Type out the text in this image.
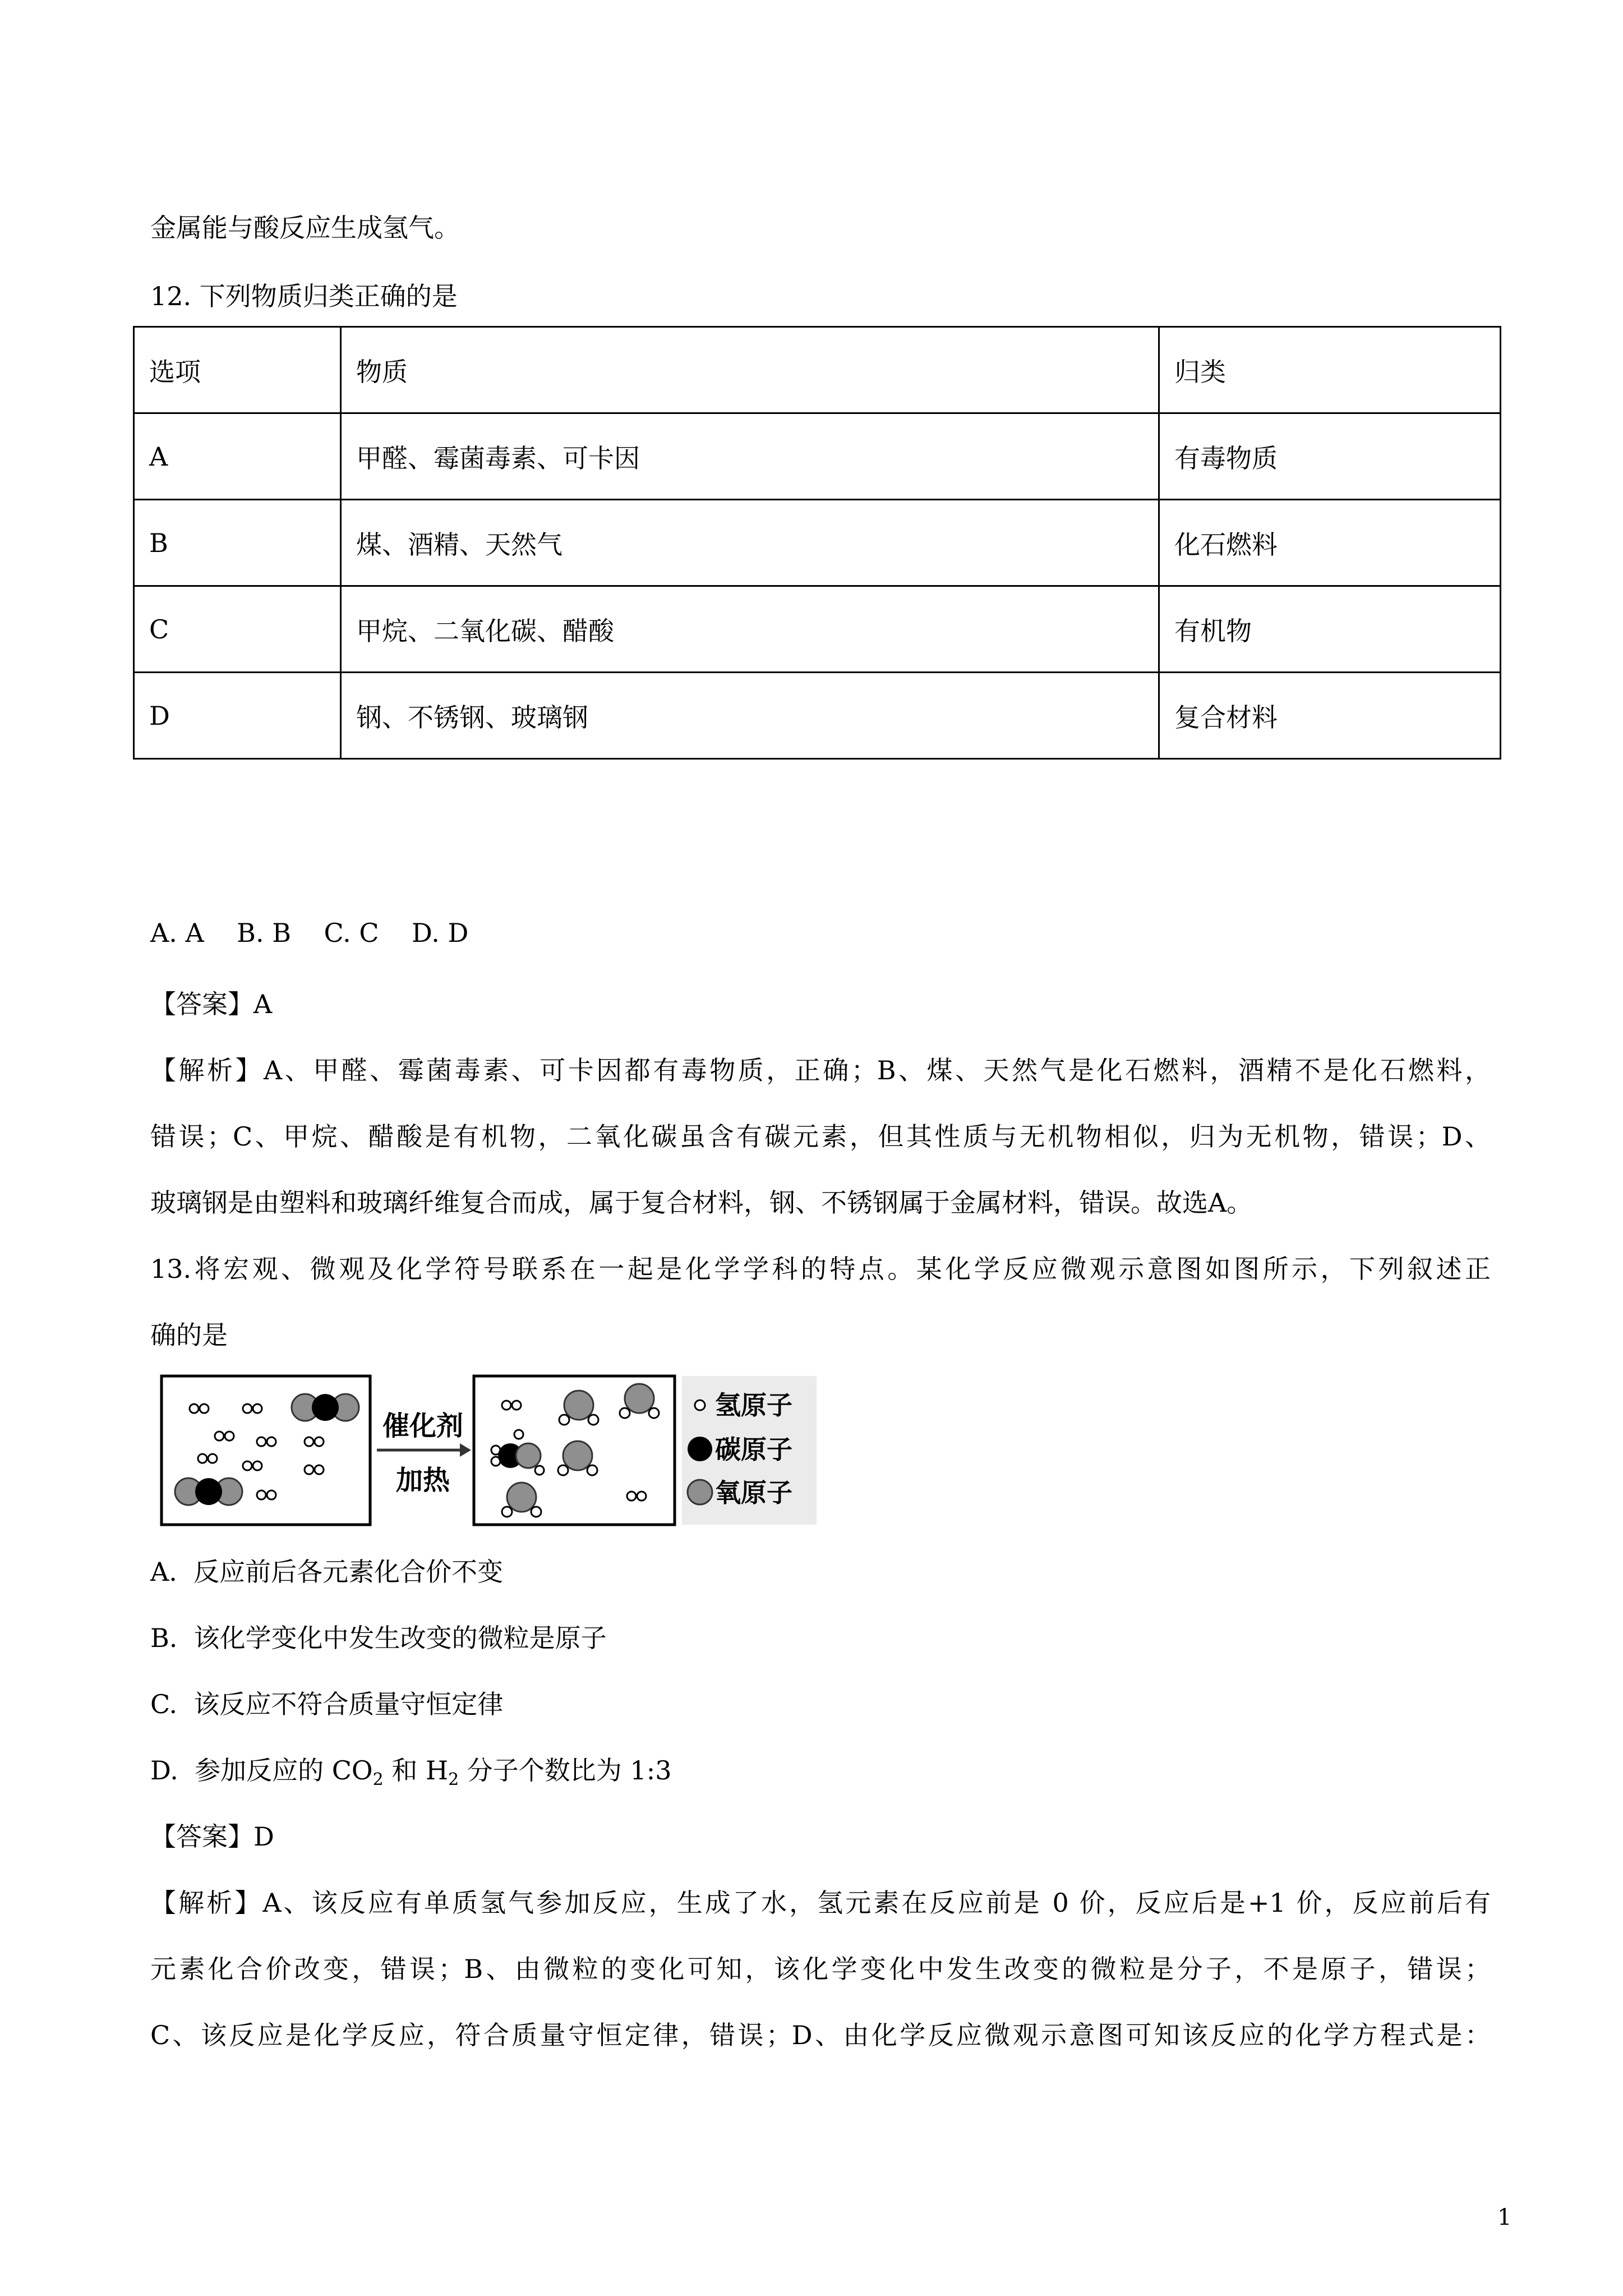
金属能与酸反应生成氢气。
12. 下列物质归类正确的是
选项	物质	归类
A	甲醛、霉菌毒素、可卡因	有毒物质
B	煤、酒精、天然气	化石燃料
C	甲烷、二氧化碳、醋酸	有机物
D	钢、不锈钢、玻璃钢	复合材料
A. A    B. B    C. C    D. D
【答案】A
【解析】A、甲醛、霉菌毒素、可卡因都有毒物质，正确；B、煤、天然气是化石燃料，酒精不是化石燃料，
错误；C、甲烷、醋酸是有机物，二氧化碳虽含有碳元素，但其性质与无机物相似，归为无机物，错误；D、
玻璃钢是由塑料和玻璃纤维复合而成，属于复合材料，钢、不锈钢属于金属材料，错误。故选A。
13.将宏观、微观及化学符号联系在一起是化学学科的特点。某化学反应微观示意图如图所示，下列叙述正
确的是
催化剂
加热
氢原子
碳原子
氧原子
A.  反应前后各元素化合价不变
B.  该化学变化中发生改变的微粒是原子
C.  该反应不符合质量守恒定律
D.  参加反应的 $CO_2$ 和 $H_2$ 分子个数比为 1:3
【答案】D
【解析】A、该反应有单质氢气参加反应，生成了水，氢元素在反应前是 0 价，反应后是+1 价，反应前后有
元素化合价改变，错误；B、由微粒的变化可知，该化学变化中发生改变的微粒是分子，不是原子，错误；
C、该反应是化学反应，符合质量守恒定律，错误；D、由化学反应微观示意图可知该反应的化学方程式是：
1
